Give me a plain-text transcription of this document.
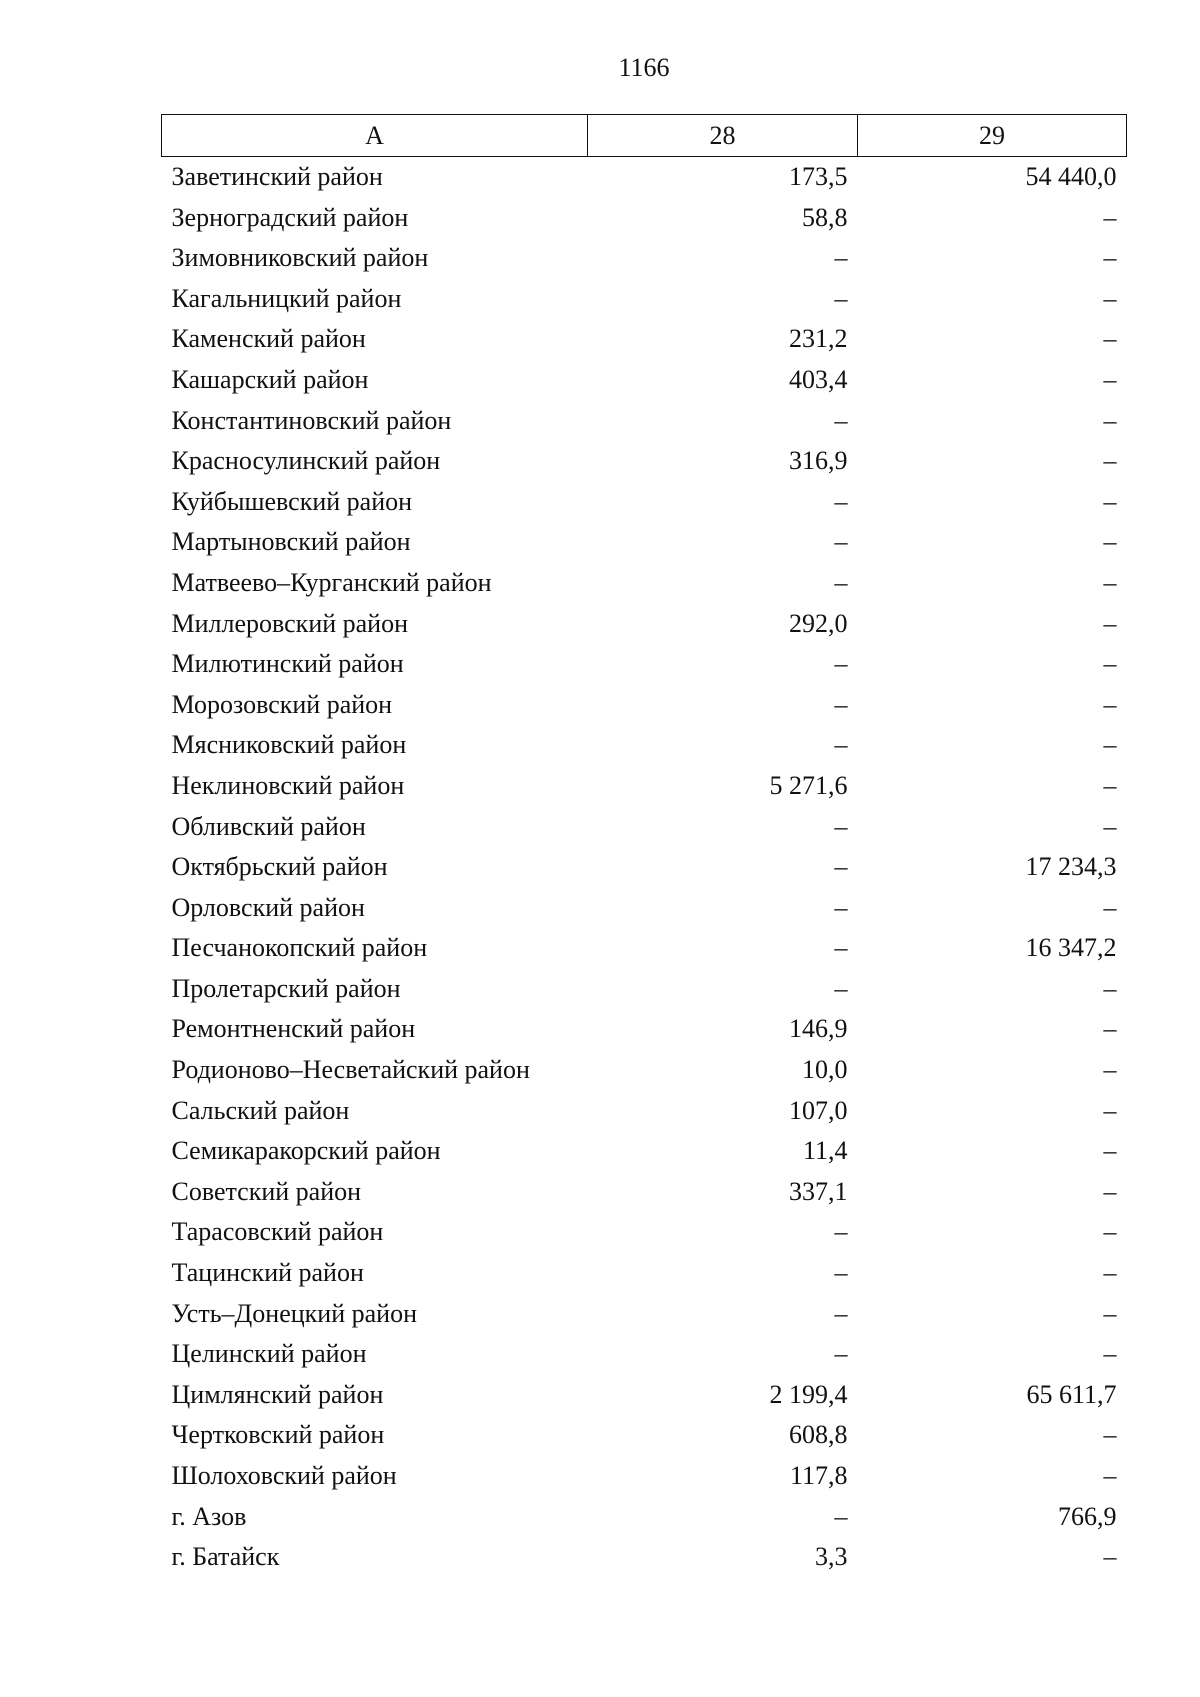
1166
А	28	29
Заветинский район	173,5	54 440,0
Зерноградский район	58,8	–
Зимовниковский район	–	–
Кагальницкий район	–	–
Каменский район	231,2	–
Кашарский район	403,4	–
Константиновский район	–	–
Красносулинский район	316,9	–
Куйбышевский район	–	–
Мартыновский район	–	–
Матвеево–Курганский район	–	–
Миллеровский район	292,0	–
Милютинский район	–	–
Морозовский район	–	–
Мясниковский район	–	–
Неклиновский район	5 271,6	–
Обливский район	–	–
Октябрьский район	–	17 234,3
Орловский район	–	–
Песчанокопский район	–	16 347,2
Пролетарский район	–	–
Ремонтненский район	146,9	–
Родионово–Несветайский район	10,0	–
Сальский район	107,0	–
Семикаракорский район	11,4	–
Советский район	337,1	–
Тарасовский район	–	–
Тацинский район	–	–
Усть–Донецкий район	–	–
Целинский район	–	–
Цимлянский район	2 199,4	65 611,7
Чертковский район	608,8	–
Шолоховский район	117,8	–
г. Азов	–	766,9
г. Батайск	3,3	–
